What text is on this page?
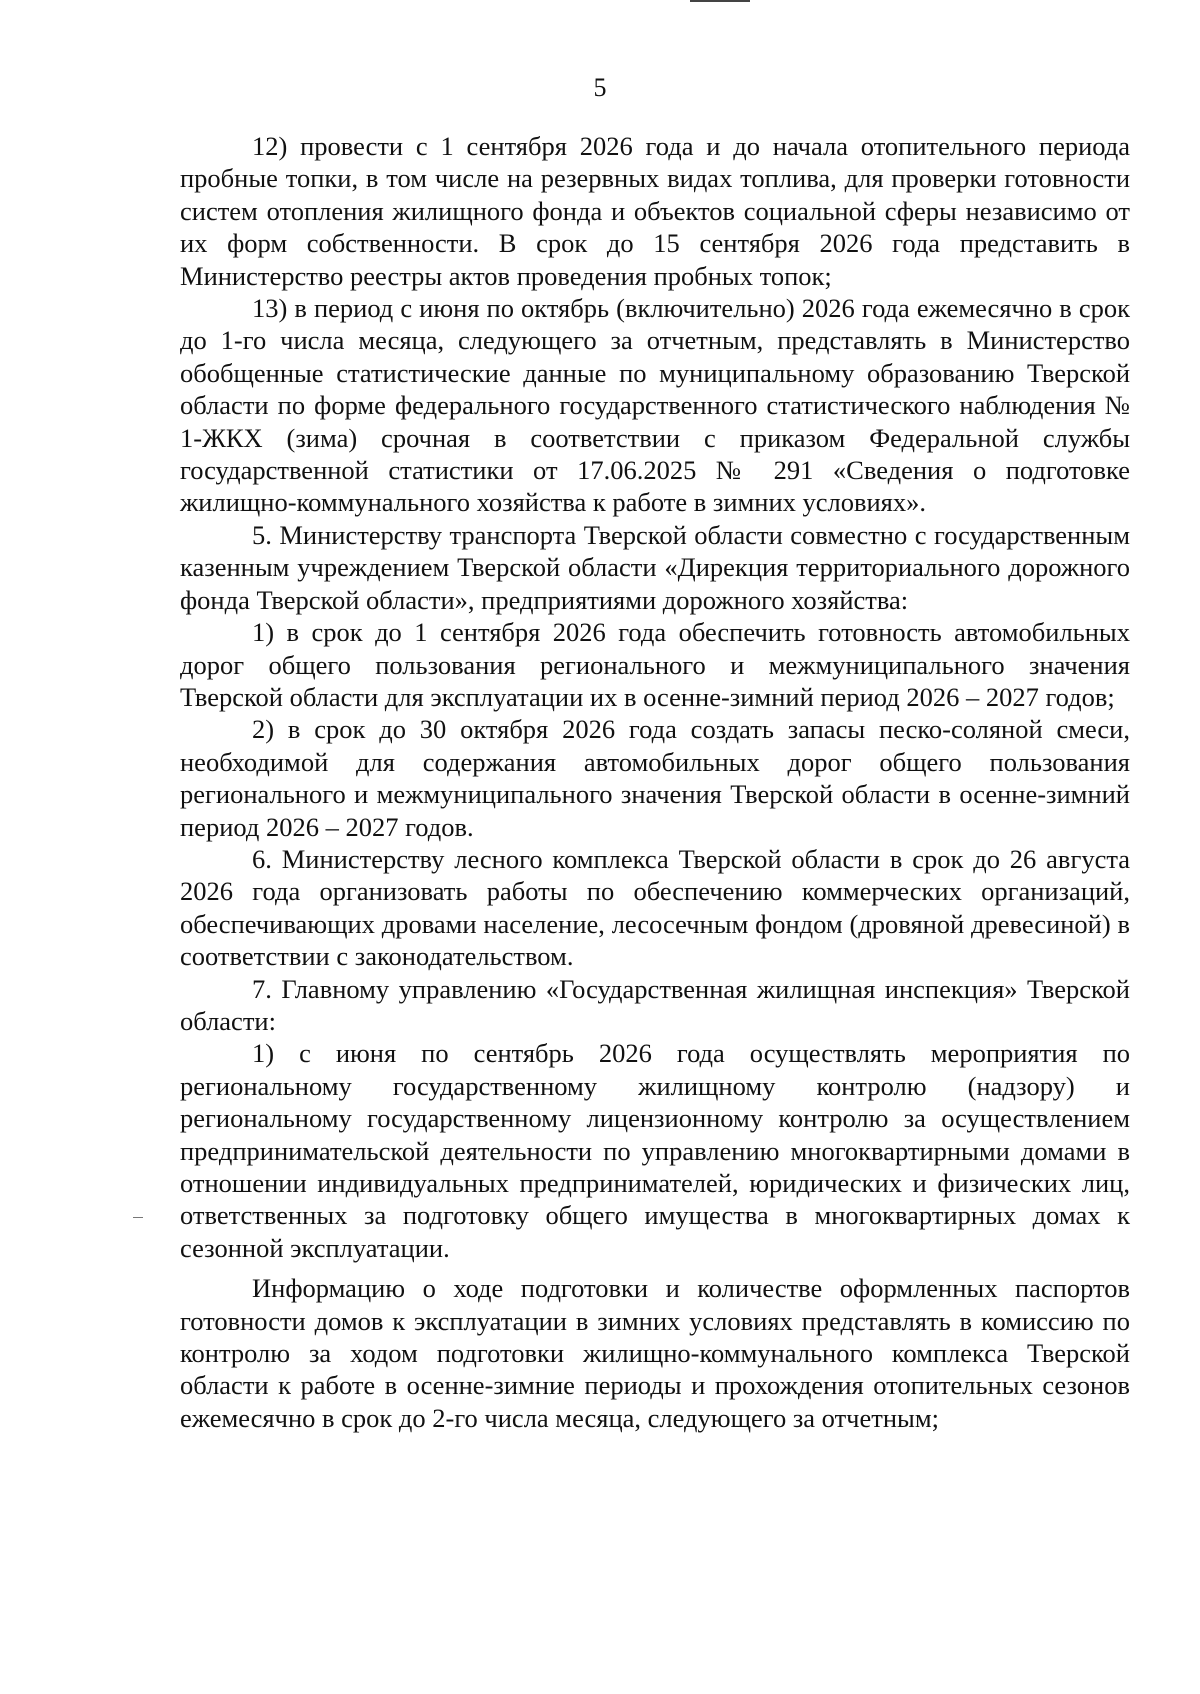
5

12) провести с 1 сентября 2026 года и до начала отопительного периода пробные топки, в том числе на резервных видах топлива, для проверки готовности систем отопления жилищного фонда и объектов социальной сферы независимо от их форм собственности. В срок до 15 сентября 2026 года представить в Министерство реестры актов проведения пробных топок;

13) в период с июня по октябрь (включительно) 2026 года ежемесячно в срок до 1-го числа месяца, следующего за отчетным, представлять в Министерство обобщенные статистические данные по муниципальному образованию Тверской области по форме федерального государственного статистического наблюдения № 1-ЖКХ (зима) срочная в соответствии с приказом Федеральной службы государственной статистики от 17.06.2025 № 291 «Сведения о подготовке жилищно-коммунального хозяйства к работе в зимних условиях».

5. Министерству транспорта Тверской области совместно с государственным казенным учреждением Тверской области «Дирекция территориального дорожного фонда Тверской области», предприятиями дорожного хозяйства:

1) в срок до 1 сентября 2026 года обеспечить готовность автомобильных дорог общего пользования регионального и межмуниципального значения Тверской области для эксплуатации их в осенне-зимний период 2026 – 2027 годов;

2) в срок до 30 октября 2026 года создать запасы песко-соляной смеси, необходимой для содержания автомобильных дорог общего пользования регионального и межмуниципального значения Тверской области в осенне-зимний период 2026 – 2027 годов.

6. Министерству лесного комплекса Тверской области в срок до 26 августа 2026 года организовать работы по обеспечению коммерческих организаций, обеспечивающих дровами население, лесосечным фондом (дровяной древесиной) в соответствии с законодательством.

7. Главному управлению «Государственная жилищная инспекция» Тверской области:

1) с июня по сентябрь 2026 года осуществлять мероприятия по региональному государственному жилищному контролю (надзору) и региональному государственному лицензионному контролю за осуществлением предпринимательской деятельности по управлению многоквартирными домами в отношении индивидуальных предпринимателей, юридических и физических лиц, ответственных за подготовку общего имущества в многоквартирных домах к сезонной эксплуатации.

Информацию о ходе подготовки и количестве оформленных паспортов готовности домов к эксплуатации в зимних условиях представлять в комиссию по контролю за ходом подготовки жилищно-коммунального комплекса Тверской области к работе в осенне-зимние периоды и прохождения отопительных сезонов ежемесячно в срок до 2-го числа месяца, следующего за отчетным;
